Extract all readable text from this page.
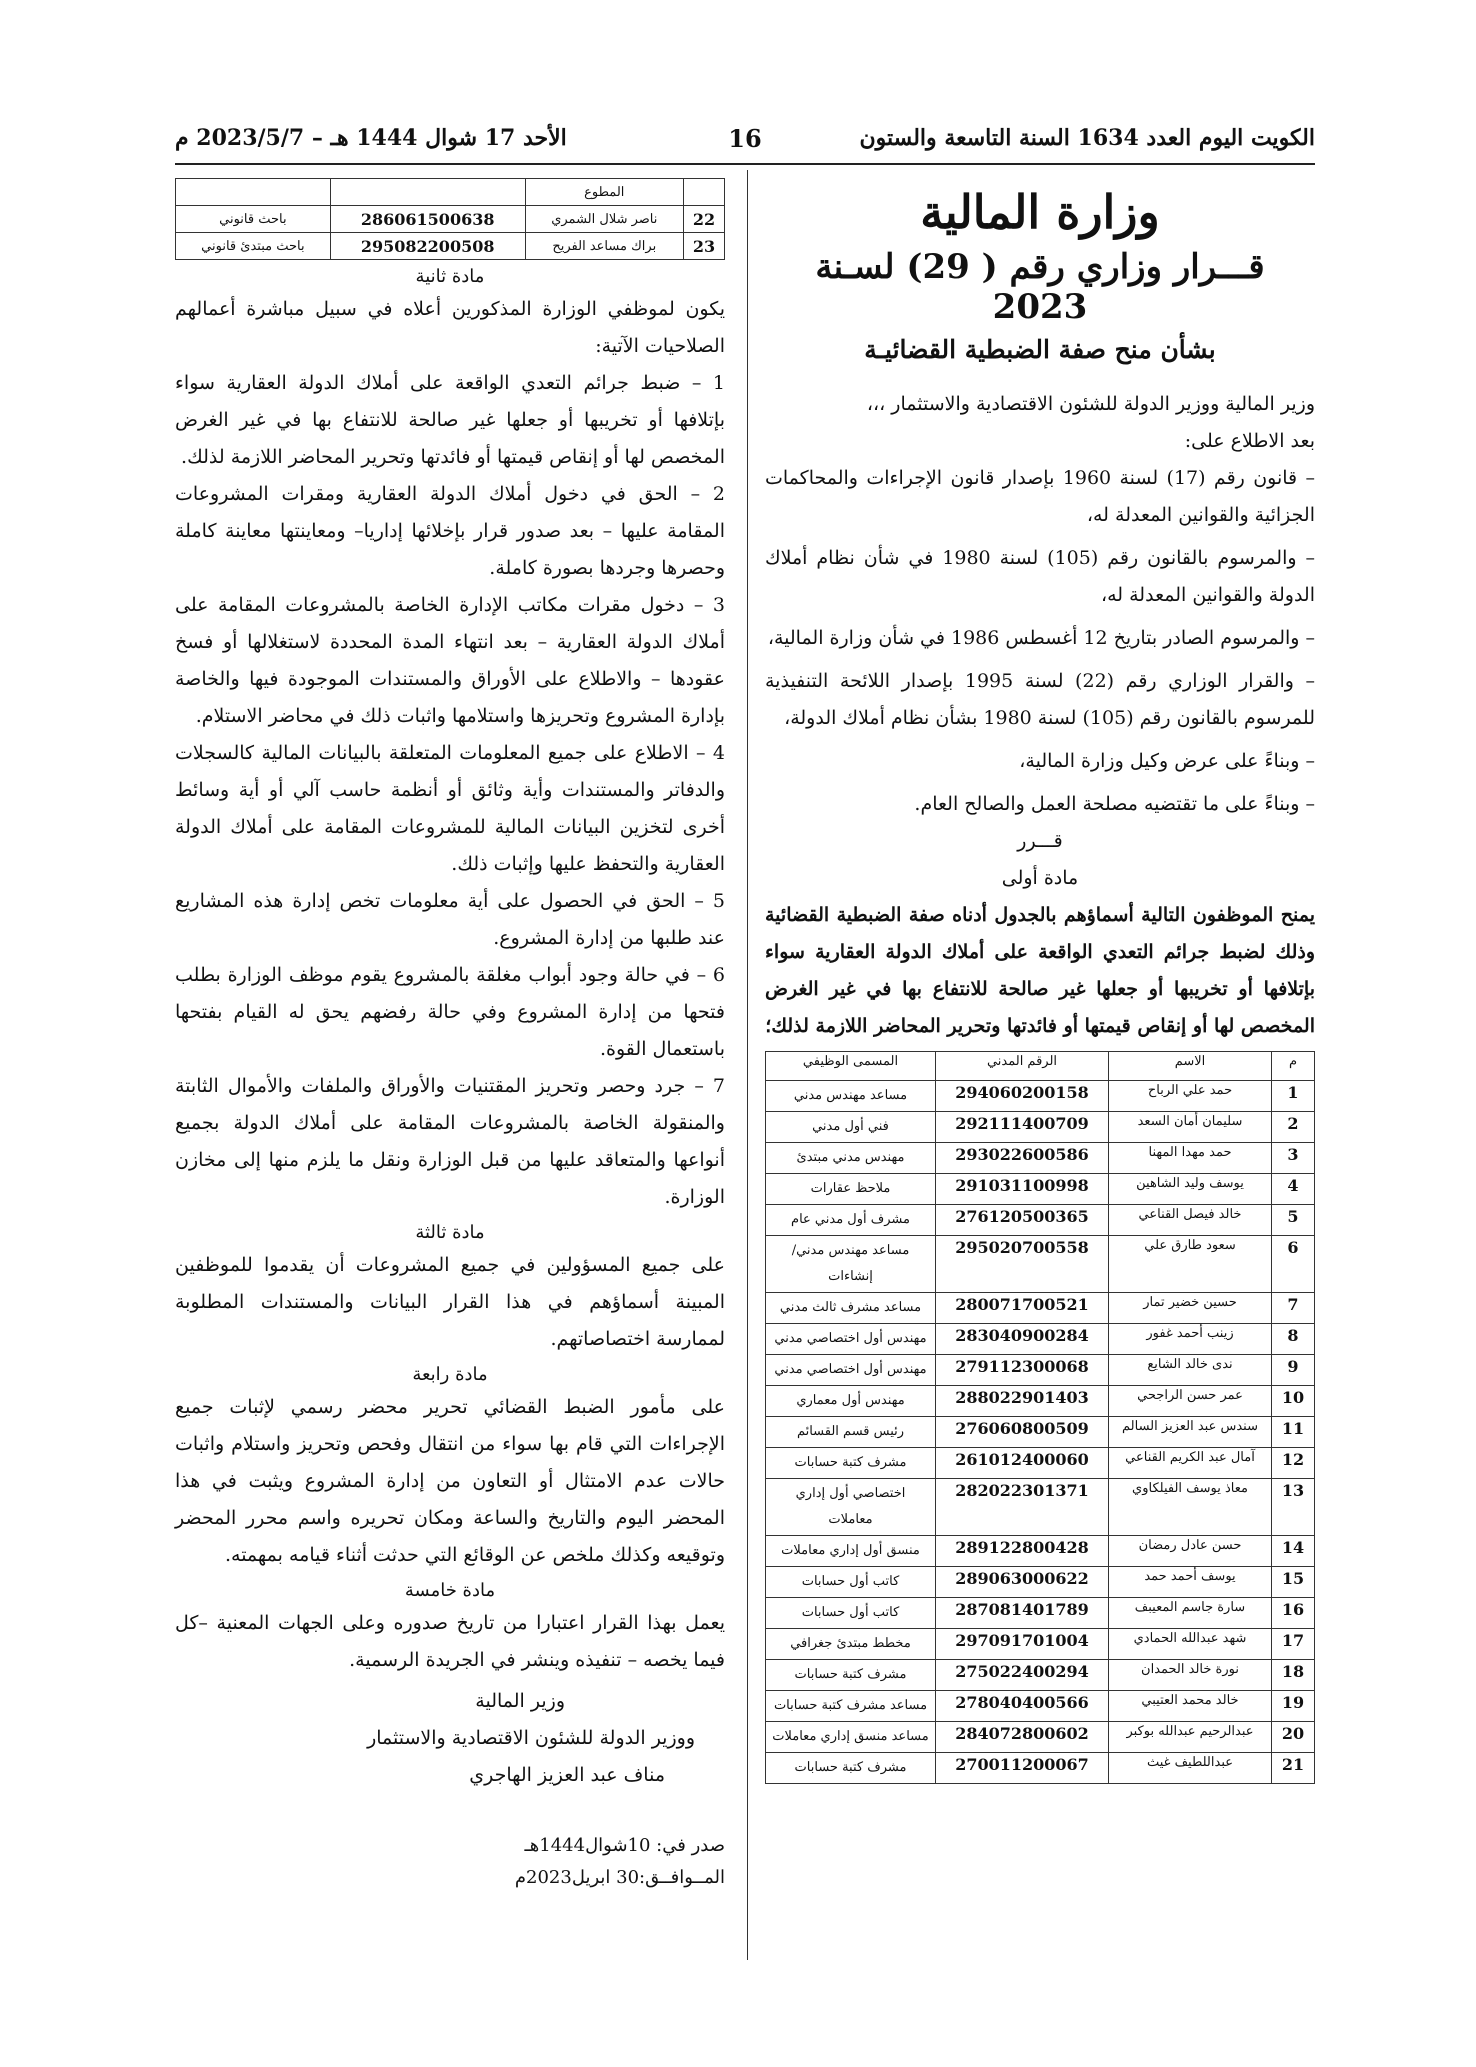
الكويت اليوم العدد 1634 السنة التاسعة والستون
16
الأحد 17 شوال 1444 هـ – 2023/5/7 م
وزارة المالية
قـــرار وزاري رقم ( 29) لسـنة 2023
بشأن منح صفة الضبطية القضائيـة
وزير المالية ووزير الدولة للشئون الاقتصادية والاستثمار ،،،
بعد الاطلاع على:

– قانون رقم (17) لسنة 1960 بإصدار قانون الإجراءات والمحاكمات الجزائية والقوانين المعدلة له،

– والمرسوم بالقانون رقم (105) لسنة 1980 في شأن نظام أملاك الدولة والقوانين المعدلة له،

– والمرسوم الصادر بتاريخ 12 أغسطس 1986 في شأن وزارة المالية،

– والقرار الوزاري رقم (22) لسنة 1995 بإصدار اللائحة التنفيذية للمرسوم بالقانون رقم (105) لسنة 1980 بشأن نظام أملاك الدولة،

– وبناءً على عرض وكيل وزارة المالية،

– وبناءً على ما تقتضيه مصلحة العمل والصالح العام.

قـــرر
مادة أولى
يمنح الموظفون التالية أسماؤهم بالجدول أدناه صفة الضبطية القضائية وذلك لضبط جرائم التعدي الواقعة على أملاك الدولة العقارية سواء بإتلافها أو تخريبها أو جعلها غير صالحة للانتفاع بها في غير الغرض المخصص لها أو إنقاص قيمتها أو فائدتها وتحرير المحاضر اللازمة لذلك؛
م	الاسم	الرقم المدني	المسمى الوظيفي
1	حمد علي الرباح	294060200158	مساعد مهندس مدني
2	سليمان أمان السعد	292111400709	فني أول مدني
3	حمد مهدا المهنا	293022600586	مهندس مدني مبتدئ
4	يوسف وليد الشاهين	291031100998	ملاحظ عقارات
5	خالد فيصل القناعي	276120500365	مشرف أول مدني عام
6	سعود طارق علي	295020700558	مساعد مهندس مدني/ إنشاءات
7	حسين خضير تمار	280071700521	مساعد مشرف ثالث مدني
8	زينب أحمد غفور	283040900284	مهندس أول اختصاصي مدني
9	ندى خالد الشايع	279112300068	مهندس أول اختصاصي مدني
10	عمر حسن الراجحي	288022901403	مهندس أول معماري
11	سندس عبد العزيز السالم	276060800509	رئيس قسم القسائم
12	آمال عبد الكريم القناعي	261012400060	مشرف كتبة حسابات
13	معاذ يوسف الفيلكاوي	282022301371	اختصاصي أول إداري معاملات
14	حسن عادل رمضان	289122800428	منسق أول إداري معاملات
15	يوسف أحمد حمد	289063000622	كاتب أول حسابات
16	سارة جاسم المعيبف	287081401789	كاتب أول حسابات
17	شهد عبدالله الحمادي	297091701004	مخطط مبتدئ جغرافي
18	نورة خالد الحمدان	275022400294	مشرف كتبة حسابات
19	خالد محمد العتيبي	278040400566	مساعد مشرف كتبة حسابات
20	عبدالرحيم عبدالله بوكبر	284072800602	مساعد منسق إداري معاملات
21	عبداللطيف غيث	270011200067	مشرف كتبة حسابات
	المطوع		
22	ناصر شلال الشمري	286061500638	باحث قانوني
23	براك مساعد الفريح	295082200508	باحث مبتدئ قانوني
مادة ثانية

يكون لموظفي الوزارة المذكورين أعلاه في سبيل مباشرة أعمالهم الصلاحيات الآتية:

1 – ضبط جرائم التعدي الواقعة على أملاك الدولة العقارية سواء بإتلافها أو تخريبها أو جعلها غير صالحة للانتفاع بها في غير الغرض المخصص لها أو إنقاص قيمتها أو فائدتها وتحرير المحاضر اللازمة لذلك.

2 – الحق في دخول أملاك الدولة العقارية ومقرات المشروعات المقامة عليها – بعد صدور قرار بإخلائها إداريا– ومعاينتها معاينة كاملة وحصرها وجردها بصورة كاملة.

3 – دخول مقرات مكاتب الإدارة الخاصة بالمشروعات المقامة على أملاك الدولة العقارية – بعد انتهاء المدة المحددة لاستغلالها أو فسخ عقودها – والاطلاع على الأوراق والمستندات الموجودة فيها والخاصة بإدارة المشروع وتحريزها واستلامها واثبات ذلك في محاضر الاستلام.

4 – الاطلاع على جميع المعلومات المتعلقة بالبيانات المالية كالسجلات والدفاتر والمستندات وأية وثائق أو أنظمة حاسب آلي أو أية وسائط أخرى لتخزين البيانات المالية للمشروعات المقامة على أملاك الدولة العقارية والتحفظ عليها وإثبات ذلك.

5 – الحق في الحصول على أية معلومات تخص إدارة هذه المشاريع عند طلبها من إدارة المشروع.

6 – في حالة وجود أبواب مغلقة بالمشروع يقوم موظف الوزارة بطلب فتحها من إدارة المشروع وفي حالة رفضهم يحق له القيام بفتحها باستعمال القوة.

7 – جرد وحصر وتحريز المقتنيات والأوراق والملفات والأموال الثابتة والمنقولة الخاصة بالمشروعات المقامة على أملاك الدولة بجميع أنواعها والمتعاقد عليها من قبل الوزارة ونقل ما يلزم منها إلى مخازن الوزارة.

مادة ثالثة

على جميع المسؤولين في جميع المشروعات أن يقدموا للموظفين المبينة أسماؤهم في هذا القرار البيانات والمستندات المطلوبة لممارسة اختصاصاتهم.

مادة رابعة

على مأمور الضبط القضائي تحرير محضر رسمي لإثبات جميع الإجراءات التي قام بها سواء من انتقال وفحص وتحريز واستلام واثبات حالات عدم الامتثال أو التعاون من إدارة المشروع ويثبت في هذا المحضر اليوم والتاريخ والساعة ومكان تحريره واسم محرر المحضر وتوقيعه وكذلك ملخص عن الوقائع التي حدثت أثناء قيامه بمهمته.

مادة خامسة

يعمل بهذا القرار اعتبارا من تاريخ صدوره وعلى الجهات المعنية –كل فيما يخصه – تنفيذه وينشر في الجريدة الرسمية.

وزير المالية
ووزير الدولة للشئون الاقتصادية والاستثمار
مناف عبد العزيز الهاجري
صدر في: 10شوال1444هـ
المــوافــق:30 ابريل2023م
